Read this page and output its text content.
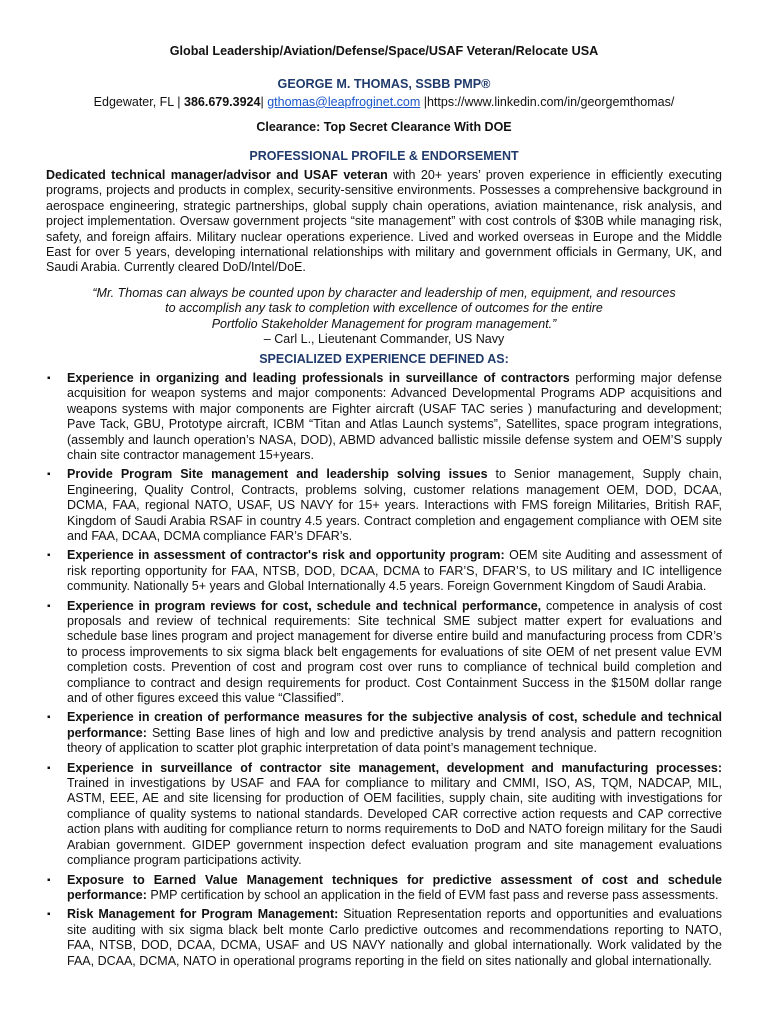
Global Leadership/Aviation/Defense/Space/USAF Veteran/Relocate USA

GEORGE M. THOMAS, SSBB PMP®

Edgewater, FL | 386.679.3924| gthomas@leapfroginet.com |https://www.linkedin.com/in/georgemthomas/

Clearance: Top Secret Clearance With DOE

PROFESSIONAL PROFILE & ENDORSEMENT

Dedicated technical manager/advisor and USAF veteran with 20+ years’ proven experience in efficiently executing programs, projects and products in complex, security-sensitive environments. Possesses a comprehensive background in aerospace engineering, strategic partnerships, global supply chain operations, aviation maintenance, risk analysis, and project implementation. Oversaw government projects “site management” with cost controls of $30B while managing risk, safety, and foreign affairs. Military nuclear operations experience. Lived and worked overseas in Europe and the Middle East for over 5 years, developing international relationships with military and government officials in Germany, UK, and Saudi Arabia. Currently cleared DoD/Intel/DoE.

“Mr. Thomas can always be counted upon by character and leadership of men, equipment, and resources

to accomplish any task to completion with excellence of outcomes for the entire

Portfolio Stakeholder Management for program management.”

– Carl L., Lieutenant Commander, US Navy

SPECIALIZED EXPERIENCE DEFINED AS:

▪ Experience in organizing and leading professionals in surveillance of contractors performing major defense acquisition for weapon systems and major components: Advanced Developmental Programs ADP acquisitions and weapons systems with major components are Fighter aircraft (USAF TAC series ) manufacturing and development; Pave Tack, GBU, Prototype aircraft, ICBM “Titan and Atlas Launch systems”, Satellites, space program integrations, (assembly and launch operation’s NASA, DOD), ABMD advanced ballistic missile defense system and OEM’S supply chain site contractor management 15+years.
▪ Provide Program Site management and leadership solving issues to Senior management, Supply chain, Engineering, Quality Control, Contracts, problems solving, customer relations management OEM, DOD, DCAA, DCMA, FAA, regional NATO, USAF, US NAVY for 15+ years. Interactions with FMS foreign Militaries, British RAF, Kingdom of Saudi Arabia RSAF in country 4.5 years. Contract completion and engagement compliance with OEM site and FAA, DCAA, DCMA compliance FAR’s DFAR’s.
▪ Experience in assessment of contractor's risk and opportunity program: OEM site Auditing and assessment of risk reporting opportunity for FAA, NTSB, DOD, DCAA, DCMA to FAR’S, DFAR’S, to US military and IC intelligence community. Nationally 5+ years and Global Internationally 4.5 years. Foreign Government Kingdom of Saudi Arabia.
▪ Experience in program reviews for cost, schedule and technical performance, competence in analysis of cost proposals and review of technical requirements: Site technical SME subject matter expert for evaluations and schedule base lines program and project management for diverse entire build and manufacturing process from CDR’s to process improvements to six sigma black belt engagements for evaluations of site OEM of net present value EVM completion costs. Prevention of cost and program cost over runs to compliance of technical build completion and compliance to contract and design requirements for product. Cost Containment Success in the $150M dollar range and of other figures exceed this value “Classified”.
▪ Experience in creation of performance measures for the subjective analysis of cost, schedule and technical performance: Setting Base lines of high and low and predictive analysis by trend analysis and pattern recognition theory of application to scatter plot graphic interpretation of data point’s management technique.
▪ Experience in surveillance of contractor site management, development and manufacturing processes: Trained in investigations by USAF and FAA for compliance to military and CMMI, ISO, AS, TQM, NADCAP, MIL, ASTM, EEE, AE and site licensing for production of OEM facilities, supply chain, site auditing with investigations for compliance of quality systems to national standards. Developed CAR corrective action requests and CAP corrective action plans with auditing for compliance return to norms requirements to DoD and NATO foreign military for the Saudi Arabian government. GIDEP government inspection defect evaluation program and site management evaluations compliance program participations activity.
▪ Exposure to Earned Value Management techniques for predictive assessment of cost and schedule performance: PMP certification by school an application in the field of EVM fast pass and reverse pass assessments.
▪ Risk Management for Program Management: Situation Representation reports and opportunities and evaluations site auditing with six sigma black belt monte Carlo predictive outcomes and recommendations reporting to NATO, FAA, NTSB, DOD, DCAA, DCMA, USAF and US NAVY nationally and global internationally. Work validated by the FAA, DCAA, DCMA, NATO in operational programs reporting in the field on sites nationally and global internationally.
